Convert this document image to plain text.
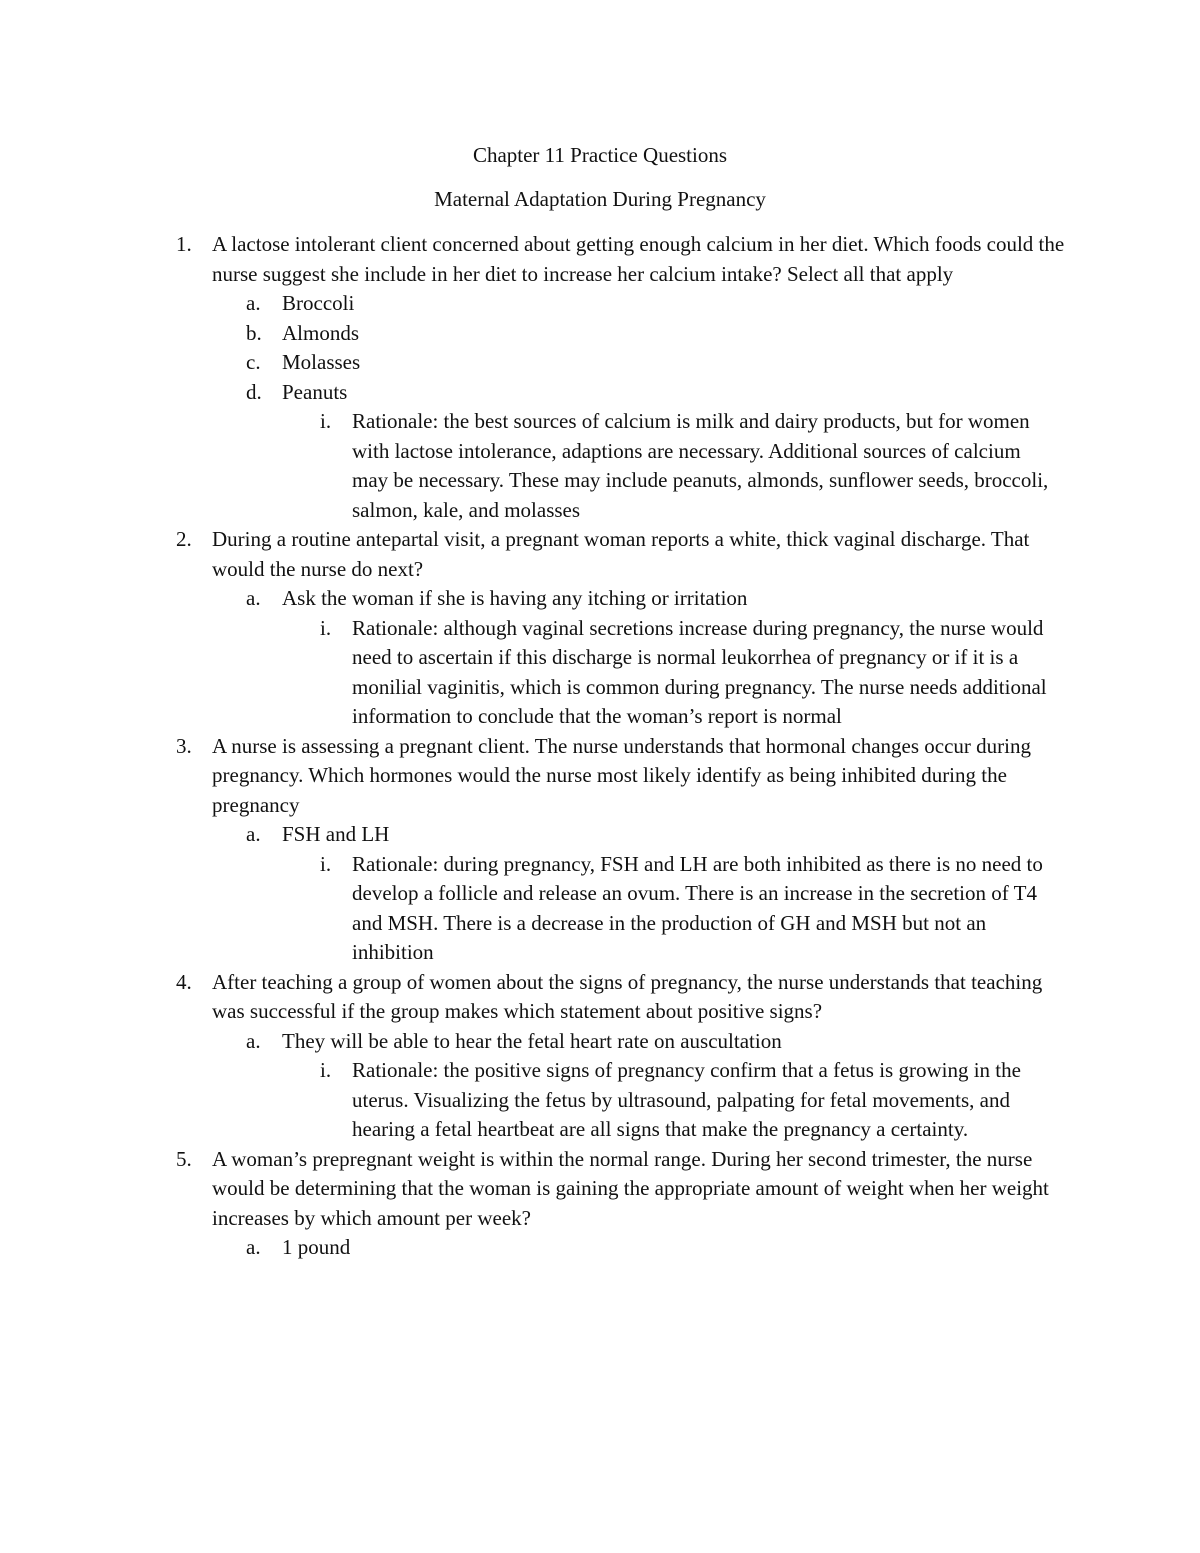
Chapter 11 Practice Questions
Maternal Adaptation During Pregnancy
1. A lactose intolerant client concerned about getting enough calcium in her diet. Which foods could the nurse suggest she include in her diet to increase her calcium intake? Select all that apply
a. Broccoli
b. Almonds
c. Molasses
d. Peanuts
i. Rationale: the best sources of calcium is milk and dairy products, but for women with lactose intolerance, adaptions are necessary. Additional sources of calcium may be necessary. These may include peanuts, almonds, sunflower seeds, broccoli, salmon, kale, and molasses
2. During a routine antepartal visit, a pregnant woman reports a white, thick vaginal discharge. That would the nurse do next?
a. Ask the woman if she is having any itching or irritation
i. Rationale: although vaginal secretions increase during pregnancy, the nurse would need to ascertain if this discharge is normal leukorrhea of pregnancy or if it is a monilial vaginitis, which is common during pregnancy. The nurse needs additional information to conclude that the woman’s report is normal
3. A nurse is assessing a pregnant client. The nurse understands that hormonal changes occur during pregnancy. Which hormones would the nurse most likely identify as being inhibited during the pregnancy
a. FSH and LH
i. Rationale: during pregnancy, FSH and LH are both inhibited as there is no need to develop a follicle and release an ovum. There is an increase in the secretion of T4 and MSH. There is a decrease in the production of GH and MSH but not an inhibition
4. After teaching a group of women about the signs of pregnancy, the nurse understands that teaching was successful if the group makes which statement about positive signs?
a. They will be able to hear the fetal heart rate on auscultation
i. Rationale: the positive signs of pregnancy confirm that a fetus is growing in the uterus. Visualizing the fetus by ultrasound, palpating for fetal movements, and hearing a fetal heartbeat are all signs that make the pregnancy a certainty.
5. A woman’s prepregnant weight is within the normal range. During her second trimester, the nurse would be determining that the woman is gaining the appropriate amount of weight when her weight increases by which amount per week?
a. 1 pound
